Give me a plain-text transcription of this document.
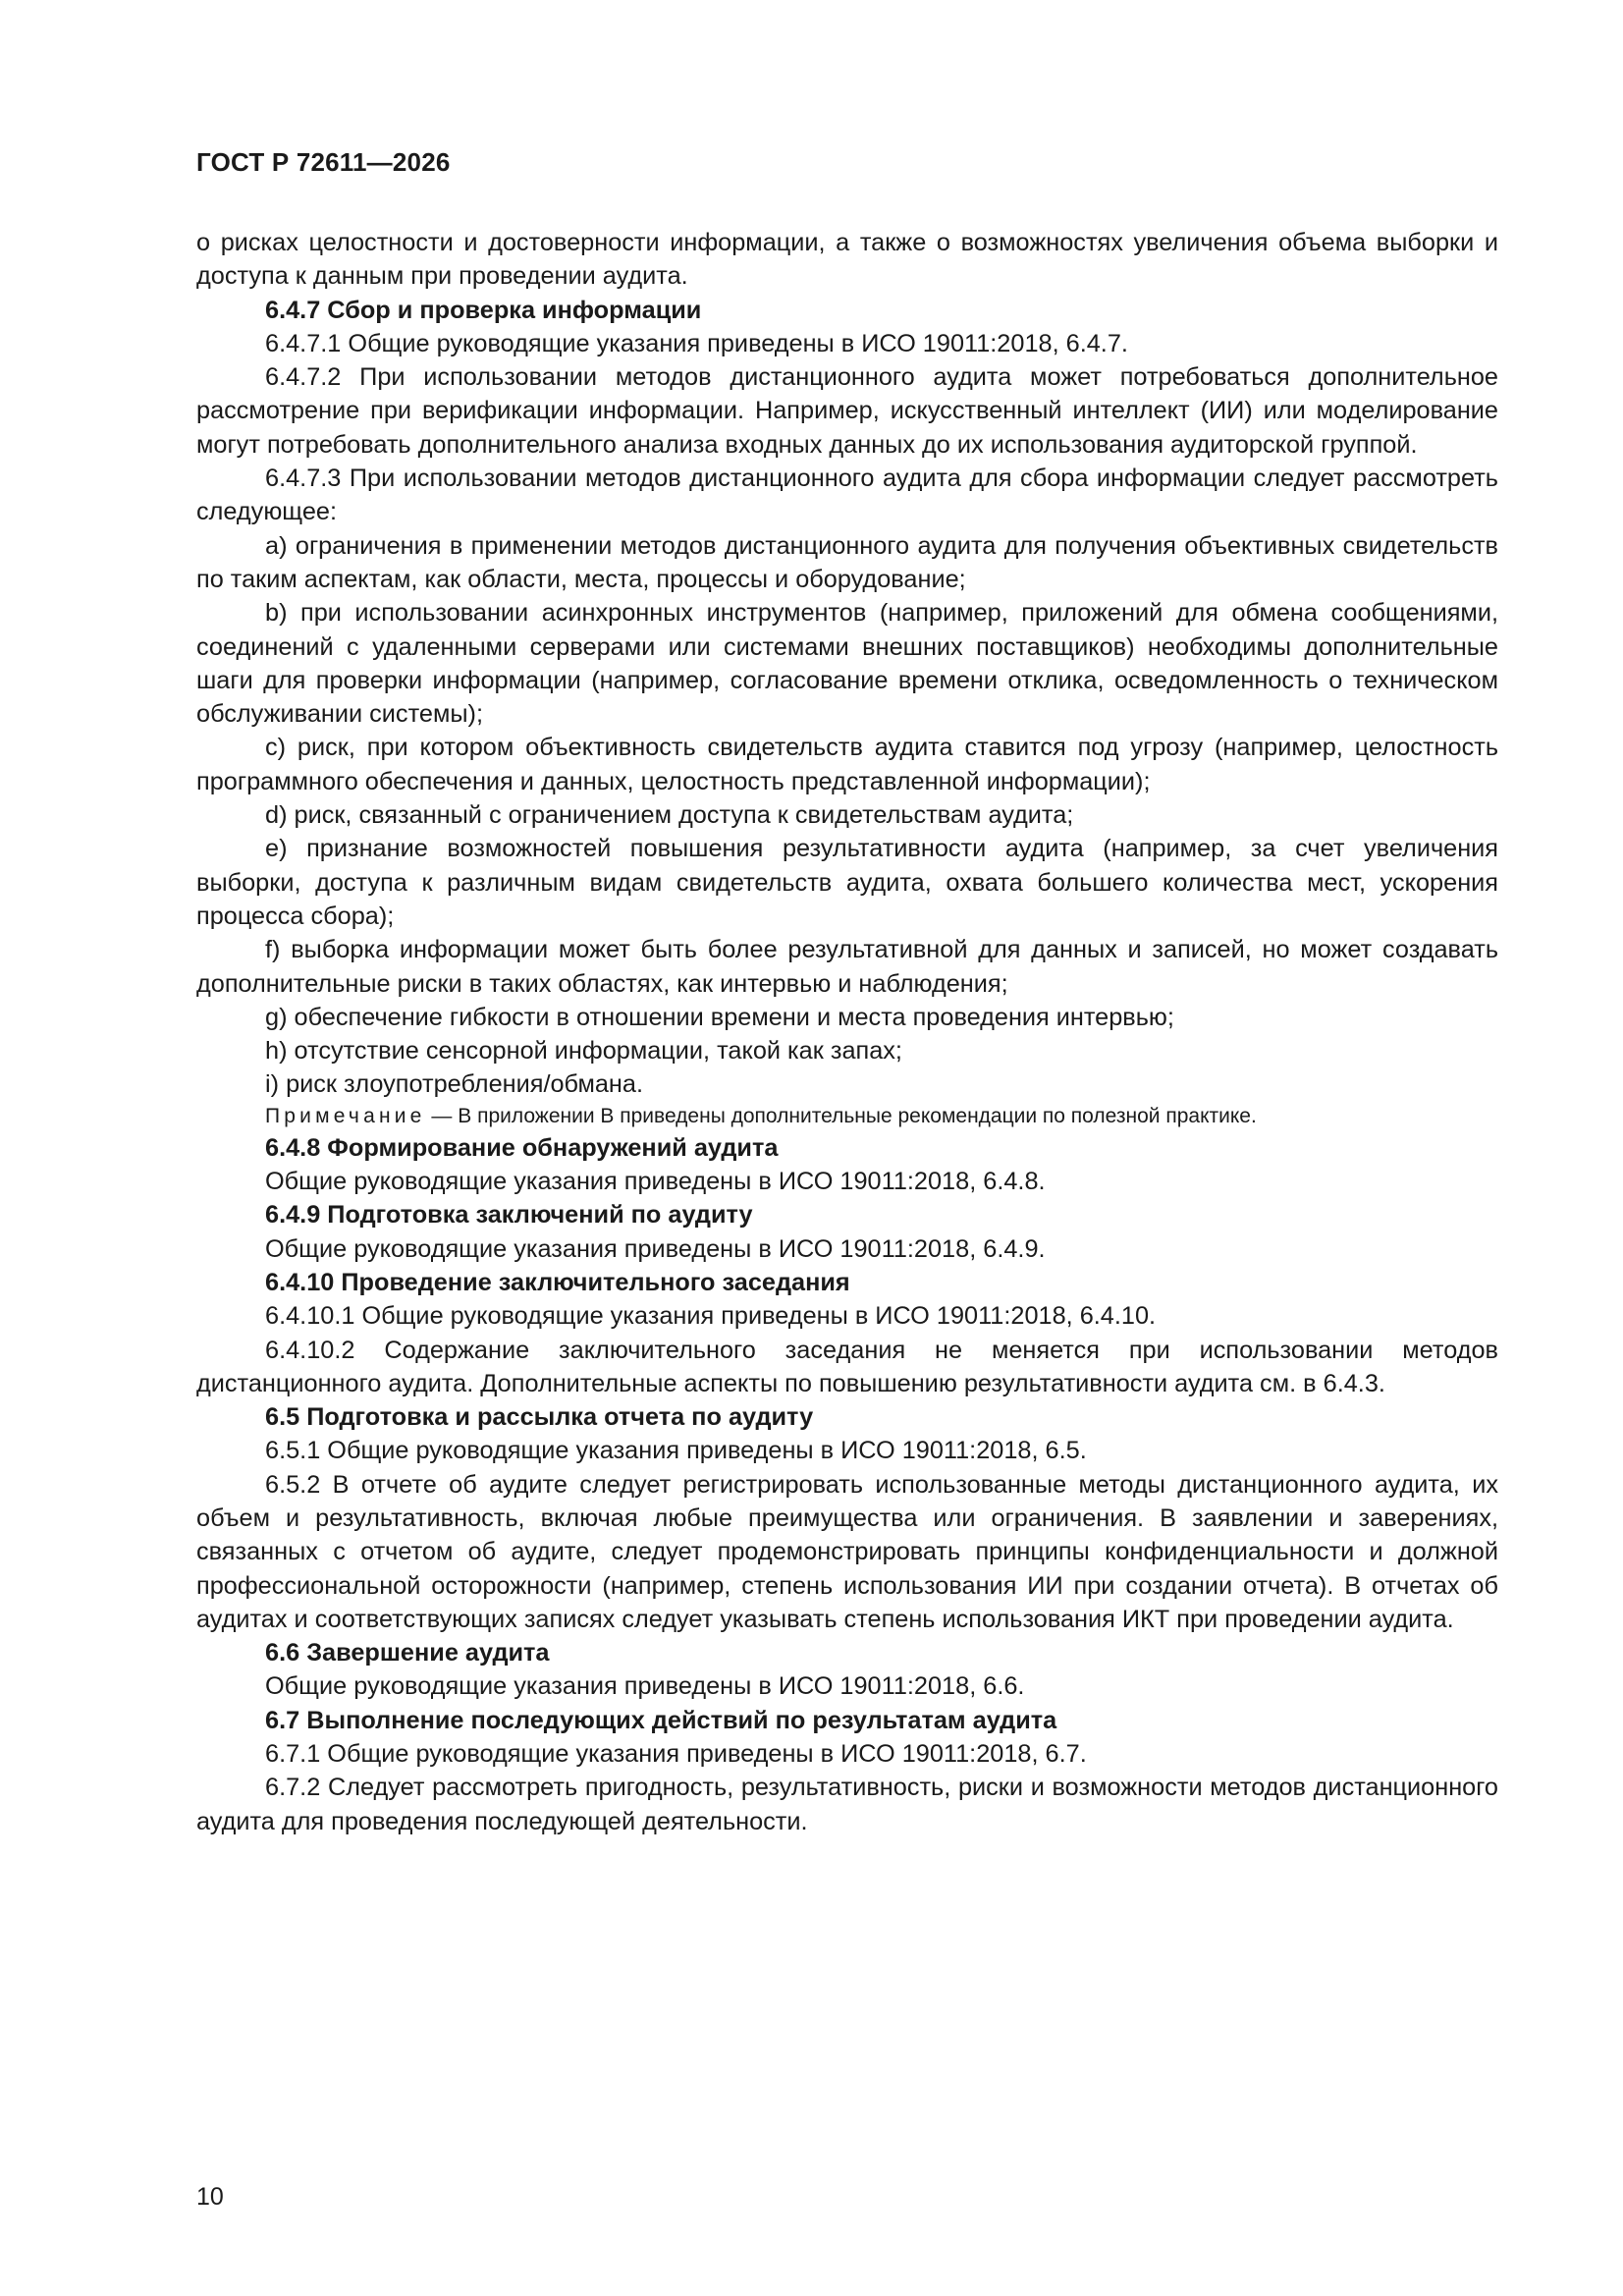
ГОСТ Р 72611—2026

о рисках целостности и достоверности информации, а также о возможностях увеличения объема выборки и доступа к данным при проведении аудита.

6.4.7 Сбор и проверка информации

6.4.7.1 Общие руководящие указания приведены в ИСО 19011:2018, 6.4.7.

6.4.7.2 При использовании методов дистанционного аудита может потребоваться дополнительное рассмотрение при верификации информации. Например, искусственный интеллект (ИИ) или моделирование могут потребовать дополнительного анализа входных данных до их использования аудиторской группой.

6.4.7.3 При использовании методов дистанционного аудита для сбора информации следует рассмотреть следующее:

a) ограничения в применении методов дистанционного аудита для получения объективных свидетельств по таким аспектам, как области, места, процессы и оборудование;

b) при использовании асинхронных инструментов (например, приложений для обмена сообщениями, соединений с удаленными серверами или системами внешних поставщиков) необходимы дополнительные шаги для проверки информации (например, согласование времени отклика, осведомленность о техническом обслуживании системы);

c) риск, при котором объективность свидетельств аудита ставится под угрозу (например, целостность программного обеспечения и данных, целостность представленной информации);

d) риск, связанный с ограничением доступа к свидетельствам аудита;

e) признание возможностей повышения результативности аудита (например, за счет увеличения выборки, доступа к различным видам свидетельств аудита, охвата большего количества мест, ускорения процесса сбора);

f) выборка информации может быть более результативной для данных и записей, но может создавать дополнительные риски в таких областях, как интервью и наблюдения;

g) обеспечение гибкости в отношении времени и места проведения интервью;

h) отсутствие сенсорной информации, такой как запах;

i) риск злоупотребления/обмана.

Примечание — В приложении В приведены дополнительные рекомендации по полезной практике.

6.4.8 Формирование обнаружений аудита

Общие руководящие указания приведены в ИСО 19011:2018, 6.4.8.

6.4.9 Подготовка заключений по аудиту

Общие руководящие указания приведены в ИСО 19011:2018, 6.4.9.

6.4.10 Проведение заключительного заседания

6.4.10.1 Общие руководящие указания приведены в ИСО 19011:2018, 6.4.10.

6.4.10.2 Содержание заключительного заседания не меняется при использовании методов дистанционного аудита. Дополнительные аспекты по повышению результативности аудита см. в 6.4.3.

6.5 Подготовка и рассылка отчета по аудиту

6.5.1 Общие руководящие указания приведены в ИСО 19011:2018, 6.5.

6.5.2 В отчете об аудите следует регистрировать использованные методы дистанционного аудита, их объем и результативность, включая любые преимущества или ограничения. В заявлении и заверениях, связанных с отчетом об аудите, следует продемонстрировать принципы конфиденциальности и должной профессиональной осторожности (например, степень использования ИИ при создании отчета). В отчетах об аудитах и соответствующих записях следует указывать степень использования ИКТ при проведении аудита.

6.6 Завершение аудита

Общие руководящие указания приведены в ИСО 19011:2018, 6.6.

6.7 Выполнение последующих действий по результатам аудита

6.7.1 Общие руководящие указания приведены в ИСО 19011:2018, 6.7.

6.7.2 Следует рассмотреть пригодность, результативность, риски и возможности методов дистанционного аудита для проведения последующей деятельности.

10
